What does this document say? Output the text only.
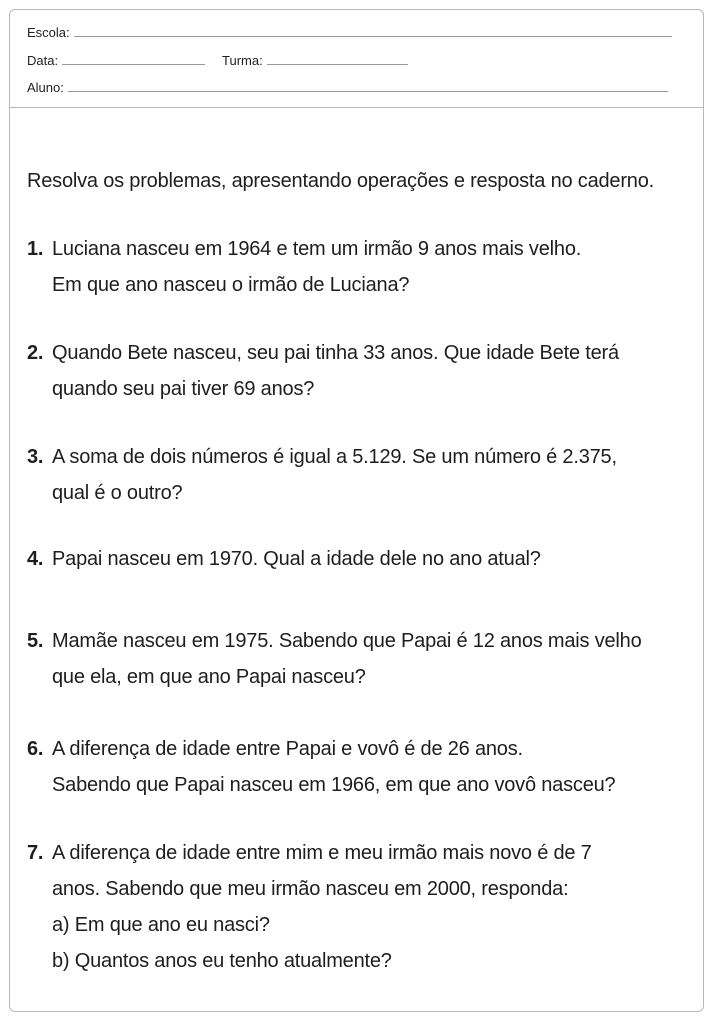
Escola:
Data:	Turma:
Aluno:
Resolva os problemas, apresentando operações e resposta no caderno.
1. Luciana nasceu em 1964 e tem um irmão 9 anos mais velho.
Em que ano nasceu o irmão de Luciana?
2. Quando Bete nasceu, seu pai tinha 33 anos. Que idade Bete terá
quando seu pai tiver 69 anos?
3. A soma de dois números é igual a 5.129. Se um número é 2.375,
qual é o outro?
4. Papai nasceu em 1970. Qual a idade dele no ano atual?
5. Mamãe nasceu em 1975. Sabendo que Papai é 12 anos mais velho
que ela, em que ano Papai nasceu?
6. A diferença de idade entre Papai e vovô é de 26 anos.
Sabendo que Papai nasceu em 1966, em que ano vovô nasceu?
7. A diferença de idade entre mim e meu irmão mais novo é de 7
anos. Sabendo que meu irmão nasceu em 2000, responda:
a) Em que ano eu nasci?
b) Quantos anos eu tenho atualmente?
